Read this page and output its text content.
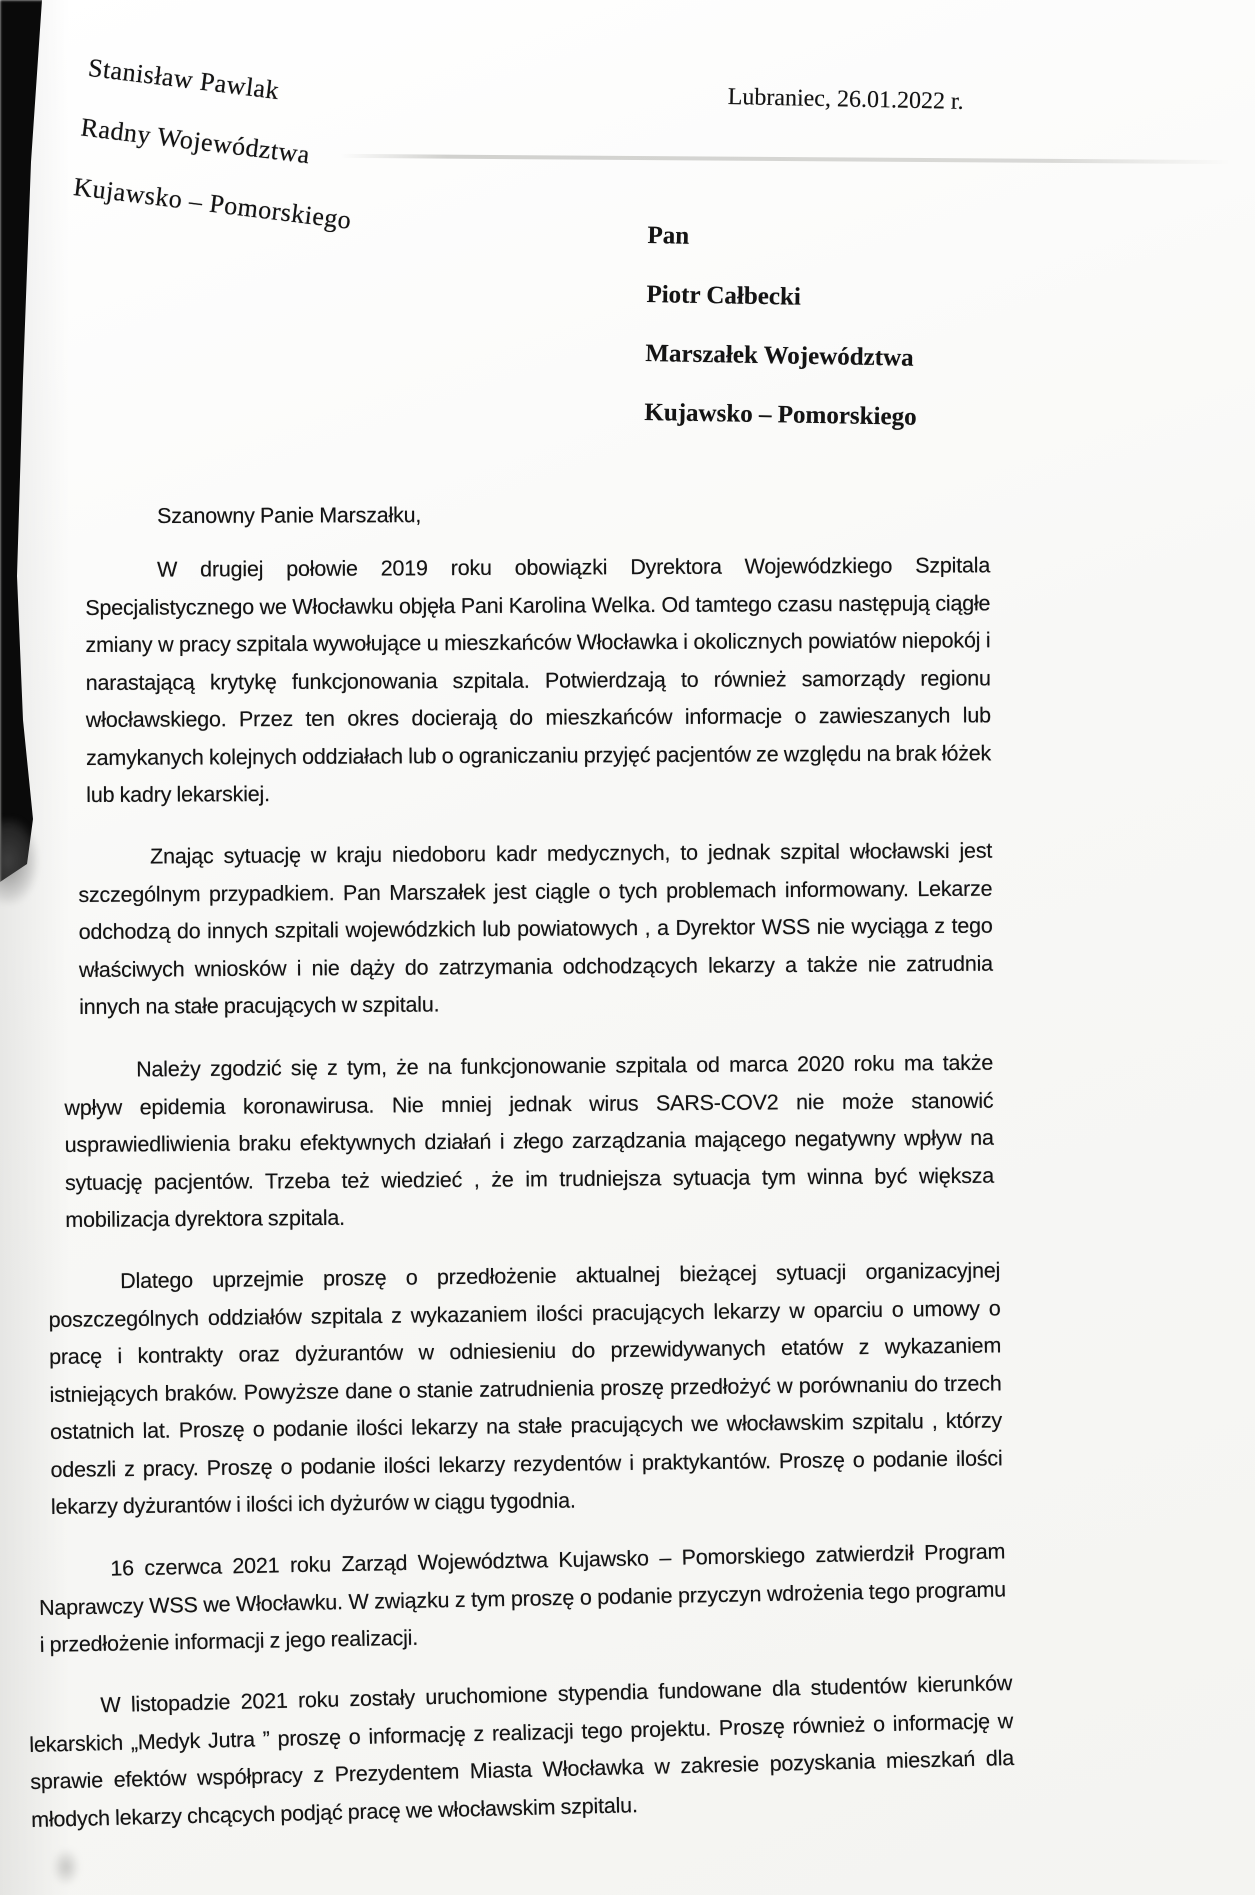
Stanisław Pawlak
Radny Województwa
Kujawsko – Pomorskiego
Lubraniec, 26.01.2022 r.
Pan
Piotr Całbecki
Marszałek Województwa
Kujawsko – Pomorskiego
Szanowny Panie Marszałku,

W drugiej połowie 2019 roku obowiązki Dyrektora Wojewódzkiego Szpitala Specjalistycznego we Włocławku objęła Pani Karolina Welka. Od tamtego czasu następują ciągłe zmiany w pracy szpitala wywołujące u mieszkańców Włocławka i okolicznych powiatów niepokój i narastającą krytykę funkcjonowania szpitala. Potwierdzają to również samorządy regionu włocławskiego. Przez ten okres docierają do mieszkańców informacje o zawieszanych lub zamykanych kolejnych oddziałach lub o ograniczaniu przyjęć pacjentów ze względu na brak łóżek lub kadry lekarskiej.

Znając sytuację w kraju niedoboru kadr medycznych, to jednak szpital włocławski jest szczególnym przypadkiem. Pan Marszałek jest ciągle o tych problemach informowany. Lekarze odchodzą do innych szpitali wojewódzkich lub powiatowych , a Dyrektor WSS nie wyciąga z tego właściwych wniosków i nie dąży do zatrzymania odchodzących lekarzy a także nie zatrudnia innych na stałe pracujących w szpitalu.

Należy zgodzić się z tym, że na funkcjonowanie szpitala od marca 2020 roku ma także wpływ epidemia koronawirusa. Nie mniej jednak wirus SARS-COV2 nie może stanowić usprawiedliwienia braku efektywnych działań i złego zarządzania mającego negatywny wpływ na sytuację pacjentów. Trzeba też wiedzieć , że im trudniejsza sytuacja tym winna być większa mobilizacja dyrektora szpitala.

Dlatego uprzejmie proszę o przedłożenie aktualnej bieżącej sytuacji organizacyjnej poszczególnych oddziałów szpitala z wykazaniem ilości pracujących lekarzy w oparciu o umowy o pracę i kontrakty oraz dyżurantów w odniesieniu do przewidywanych etatów z wykazaniem istniejących braków. Powyższe dane o stanie zatrudnienia proszę przedłożyć w porównaniu do trzech ostatnich lat. Proszę o podanie ilości lekarzy na stałe pracujących we włocławskim szpitalu , którzy odeszli z pracy. Proszę o podanie ilości lekarzy rezydentów i praktykantów. Proszę o podanie ilości lekarzy dyżurantów i ilości ich dyżurów w ciągu tygodnia.

16 czerwca 2021 roku Zarząd Województwa Kujawsko – Pomorskiego zatwierdził Program Naprawczy WSS we Włocławku. W związku z tym proszę o podanie przyczyn wdrożenia tego programu i przedłożenie informacji z jego realizacji.

W listopadzie 2021 roku zostały uruchomione stypendia fundowane dla studentów kierunków lekarskich „Medyk Jutra ” proszę o informację z realizacji tego projektu. Proszę również o informację w sprawie efektów współpracy z Prezydentem Miasta Włocławka w zakresie pozyskania mieszkań dla młodych lekarzy chcących podjąć pracę we włocławskim szpitalu.
